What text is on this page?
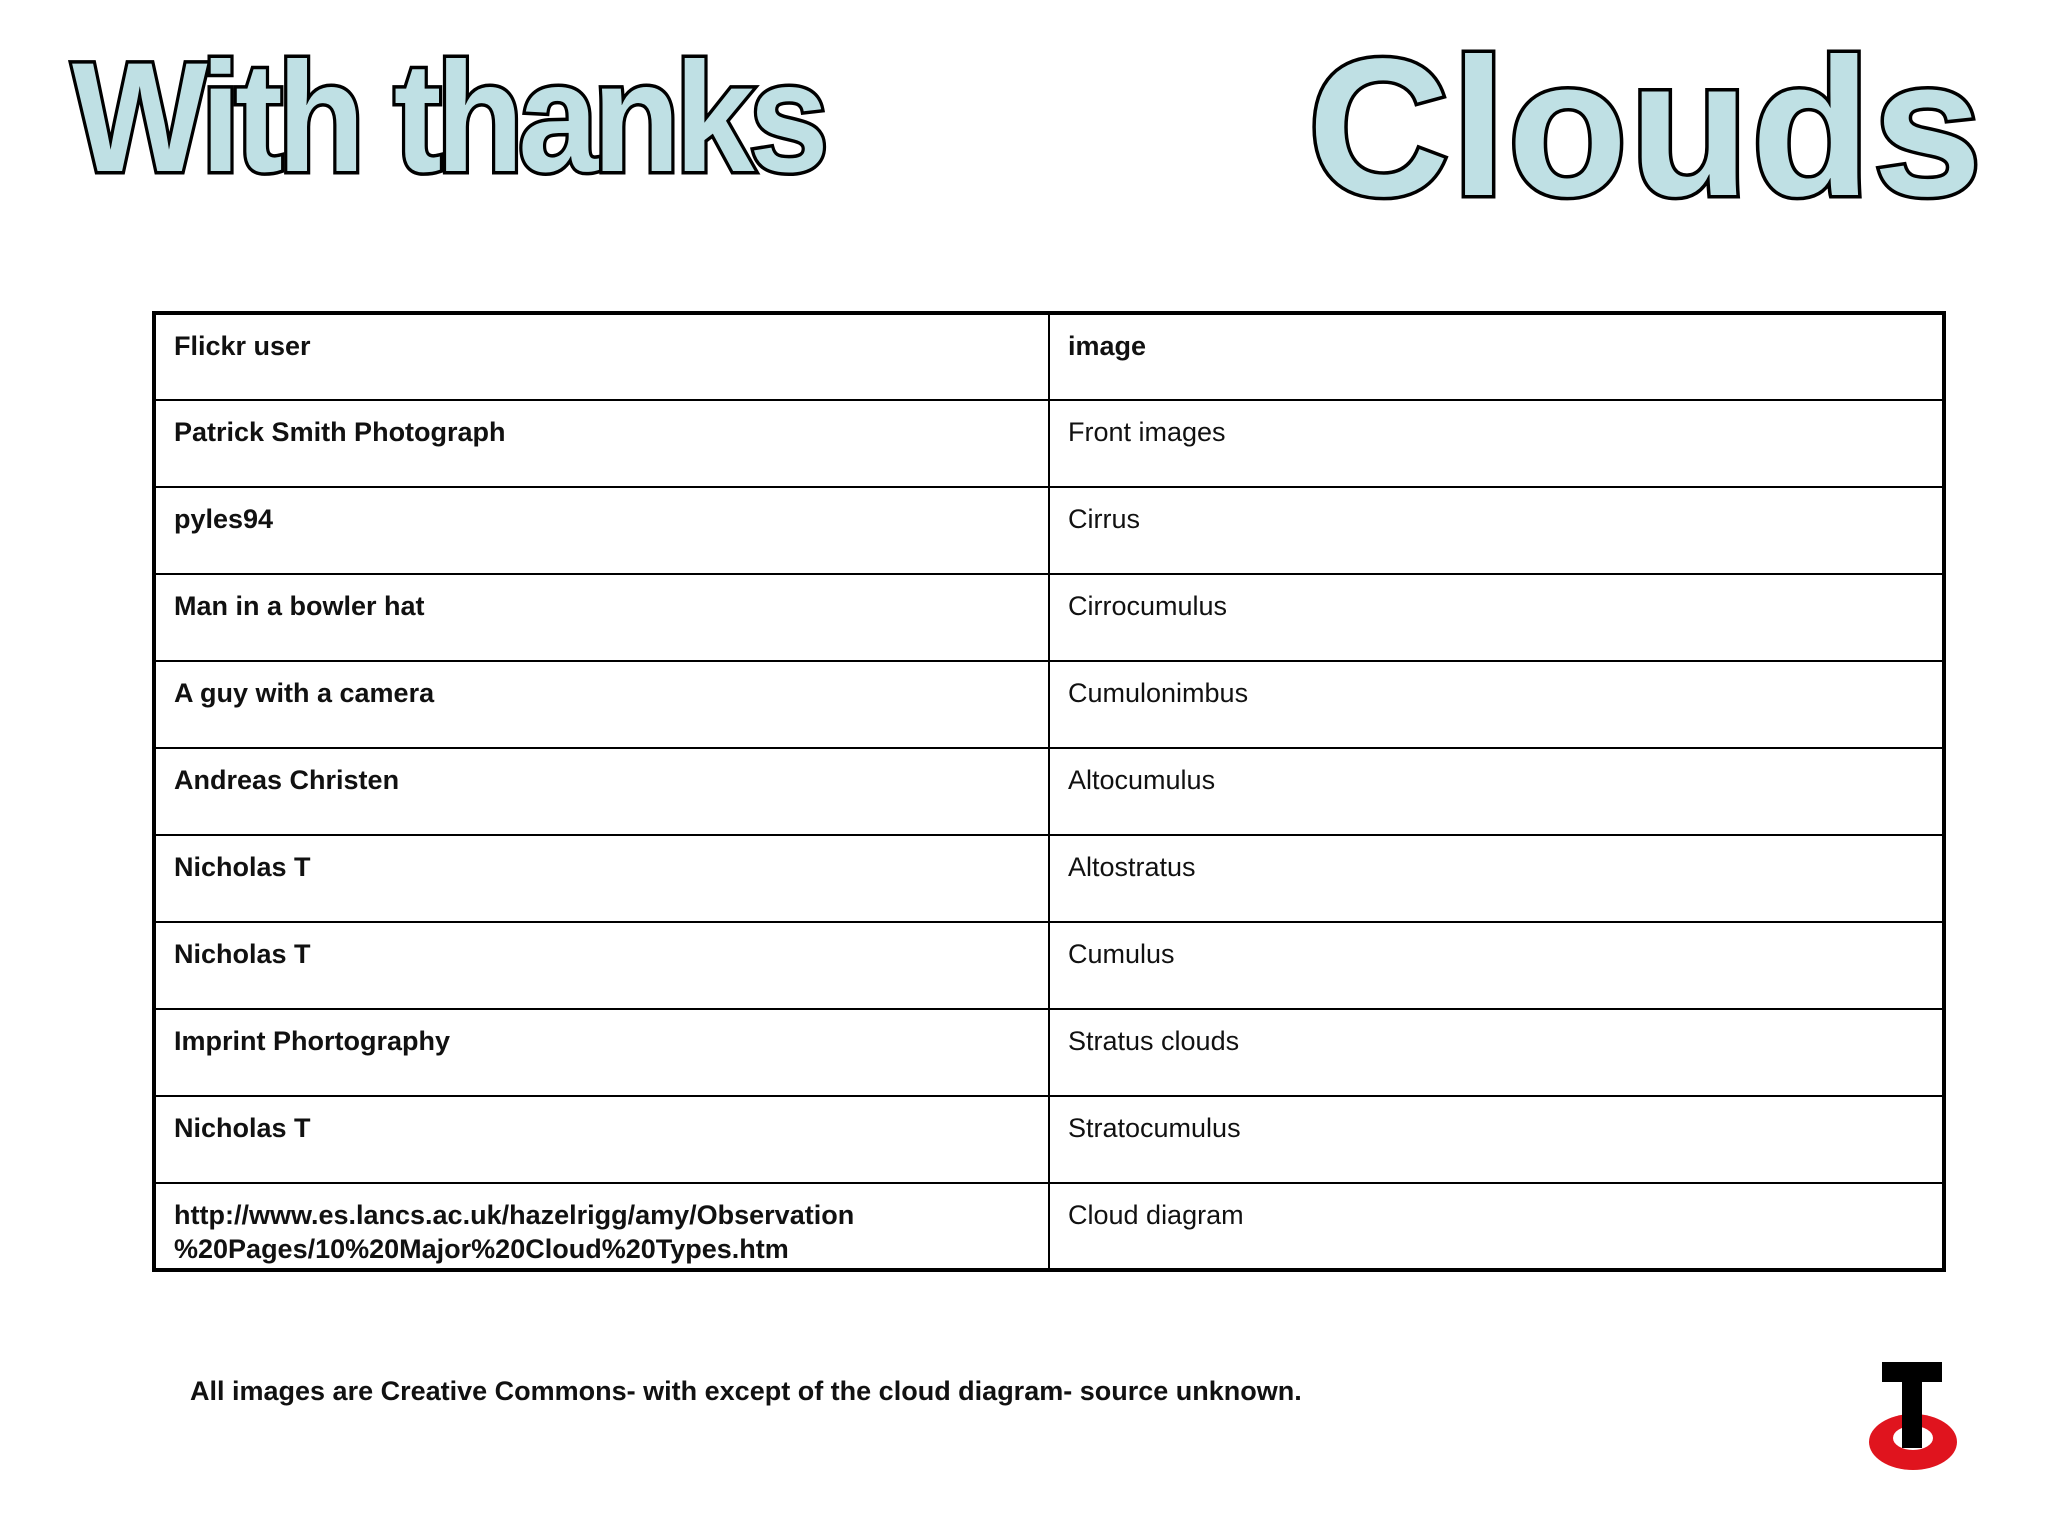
With thanks Clouds
Flickr user	image
Patrick Smith Photograph	Front images
pyles94	Cirrus
Man in a bowler hat	Cirrocumulus
A guy with a camera	Cumulonimbus
Andreas Christen	Altocumulus
Nicholas T	Altostratus
Nicholas T	Cumulus
Imprint Phortography	Stratus clouds
Nicholas T	Stratocumulus
http://www.es.lancs.ac.uk/hazelrigg/amy/Observation
%20Pages/10%20Major%20Cloud%20Types.htm	Cloud diagram
All images are Creative Commons- with except of the cloud diagram- source unknown.
